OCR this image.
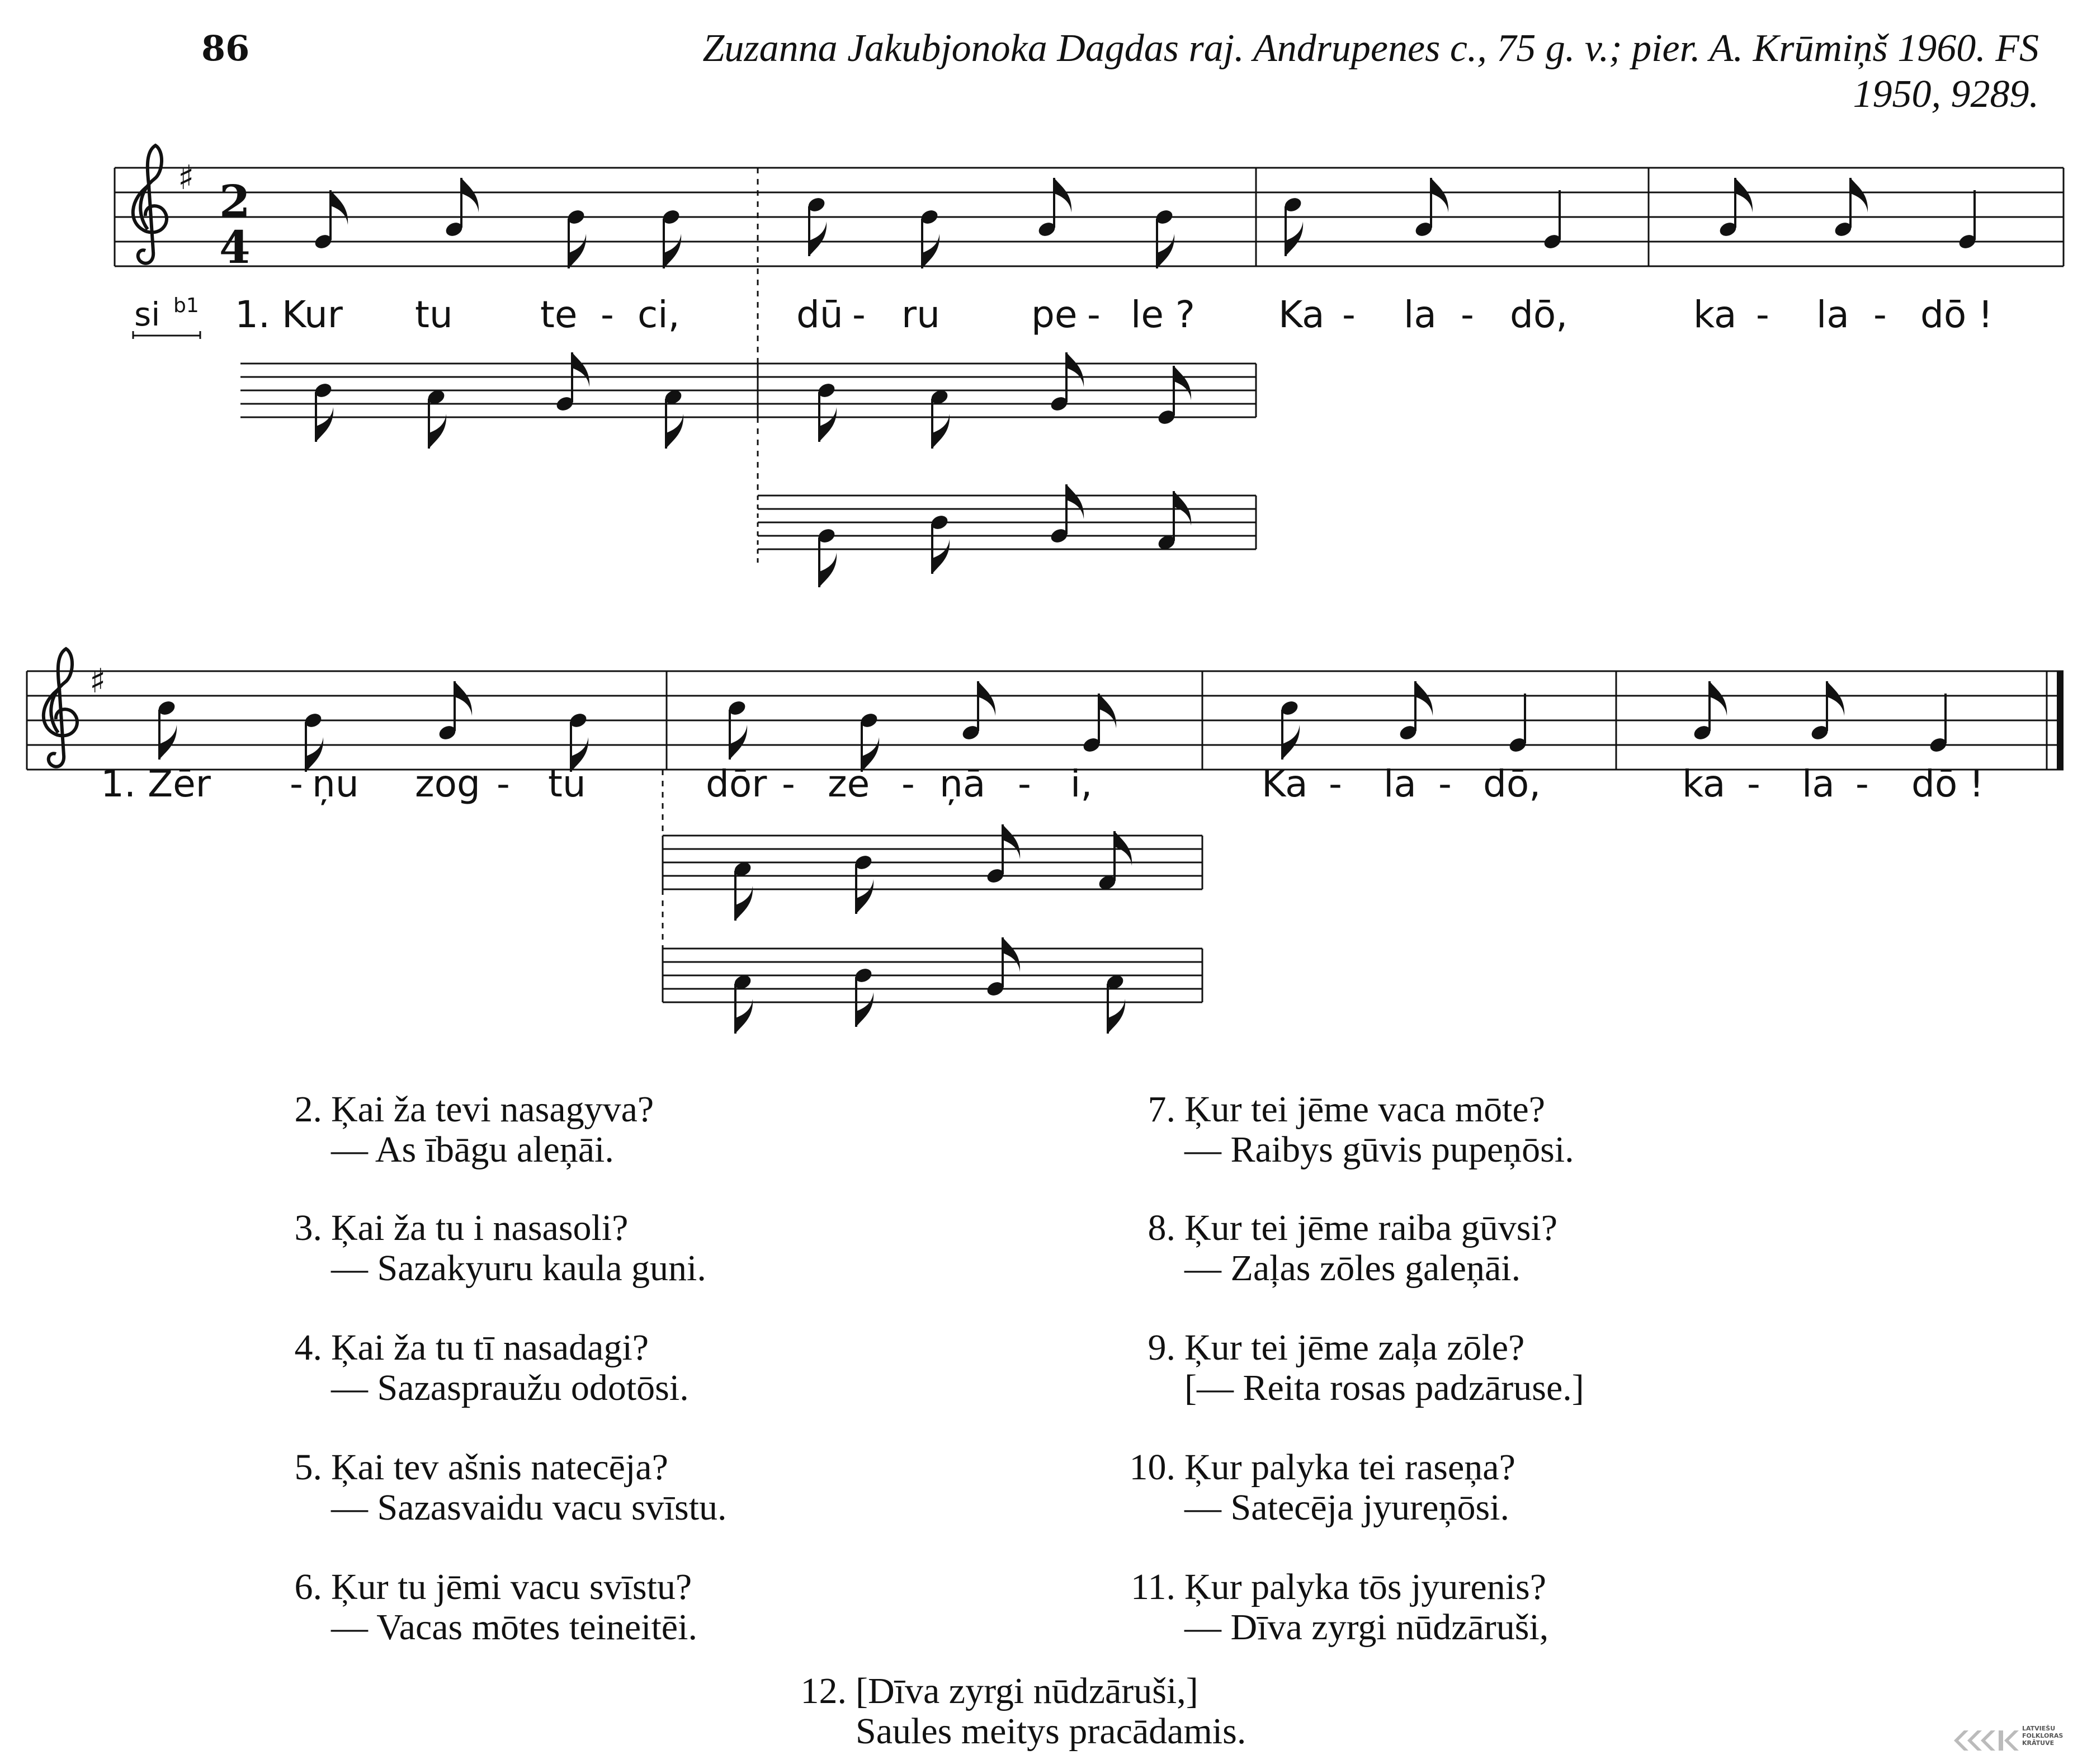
86	Zuzanna Jakubjonoka Dagdas raj. Andrupenes c., 75 g. v.; pier. A. Krūmiņš 1960. FS
1950, 9289.
♯ 2
4
si b1 1. Kur tu te - ci,	dū - ru pe - le ? Ka - la - dō,	ka - la - dō !
♯
1. Zēr - ņu zog - tu	dōr - ze - ņā - i,	Ka - la - dō,	ka - la - dō !
2. Ķai ža tevi nasagyva?
— As ībāgu aleņāi.
3. Ķai ža tu i nasasoli?
— Sazakyuru kaula guni.
4. Ķai ža tu tī nasadagi?
— Sazaspraužu odotōsi.
5. Ķai tev ašnis natecēja?
— Sazasvaidu vacu svīstu.
6. Ķur tu jēmi vacu svīstu?
— Vacas mōtes teineitēi.
7. Ķur tei jēme vaca mōte?
— Raibys gūvis pupeņōsi.
8. Ķur tei jēme raiba gūvsi?
— Zaļas zōles galeņāi.
9. Ķur tei jēme zaļa zōle?
[— Reita rosas padzāruse.]
10. Ķur palyka tei raseņa?
— Satecēja jyureņōsi.
11. Ķur palyka tōs jyurenis?
— Dīva zyrgi nūdzāruši,
12. [Dīva zyrgi nūdzāruši,]
Saules meitys pracādamis.	LATVIEŠU
FOLKLORAS
KRĀTUVE
